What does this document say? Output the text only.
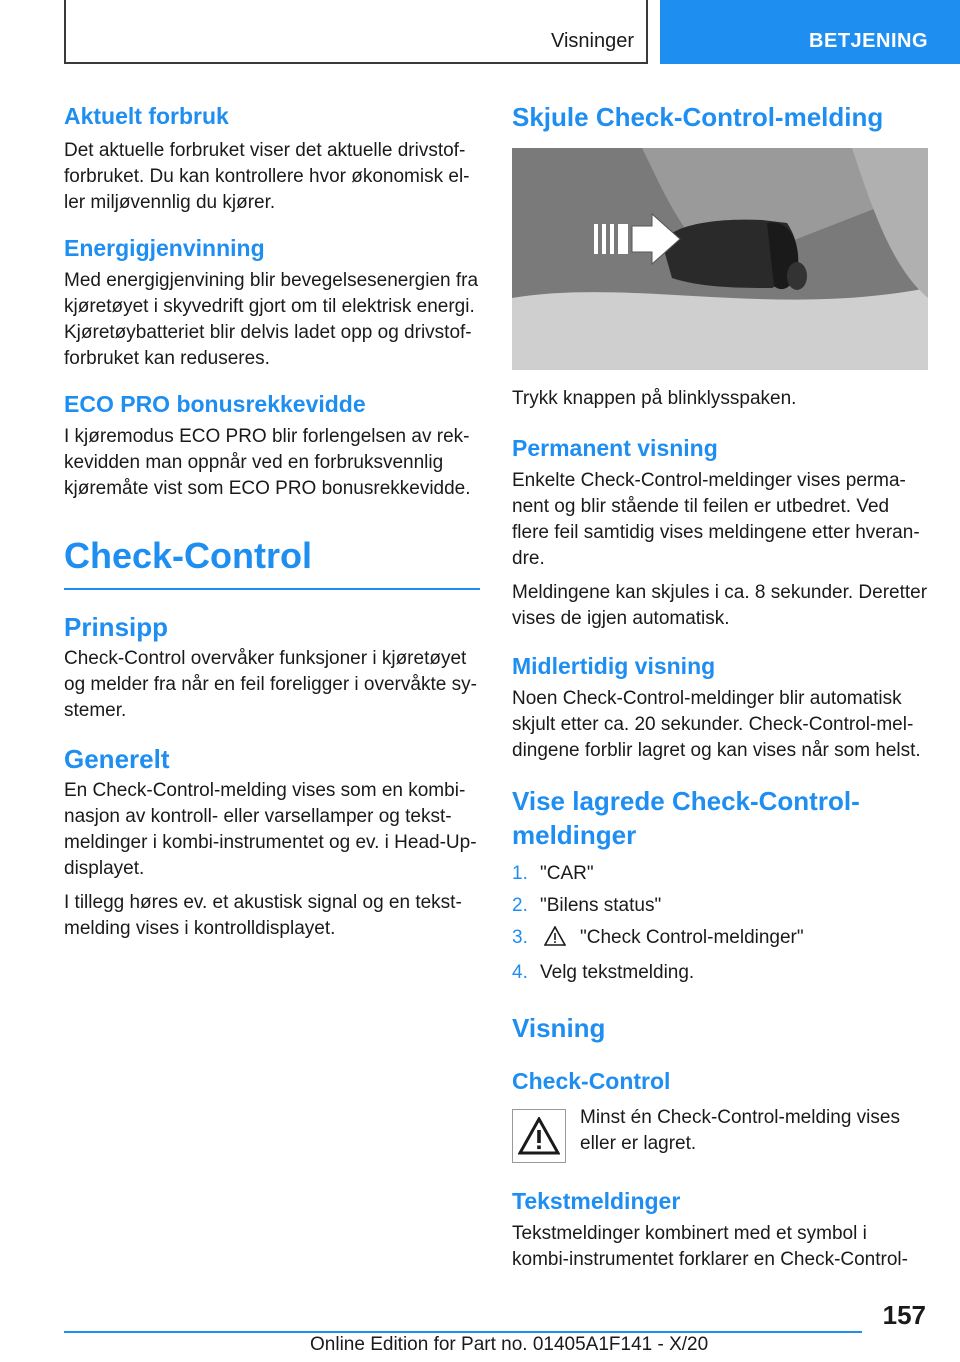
Visninger	BETJENING
Aktuelt forbruk

Det aktuelle forbruket viser det aktuelle drivstofforbruket. Du kan kontrollere hvor økonomisk eller miljøvennlig du kjører.

Energigjenvinning

Med energigjenvining blir bevegelsesenergien fra kjøretøyet i skyvedrift gjort om til elektrisk energi. Kjøretøybatteriet blir delvis ladet opp og drivstofforbruket kan reduseres.

ECO PRO bonusrekkevidde

I kjøremodus ECO PRO blir forlengelsen av rekkevidden man oppnår ved en forbruksvennlig kjøremåte vist som ECO PRO bonusrekkevidde.

Check-Control
Prinsipp

Check-Control overvåker funksjoner i kjøretøyet og melder fra når en feil foreligger i overvåkte systemer.

Generelt

En Check-Control-melding vises som en kombinasjon av kontroll- eller varsellamper og tekstmeldinger i kombi-instrumentet og ev. i Head-Up-displayet.

I tillegg høres ev. et akustisk signal og en tekstmelding vises i kontrolldisplayet.

Skjule Check-Control-melding

Trykk knappen på blinklysspaken.

Permanent visning

Enkelte Check-Control-meldinger vises permanent og blir stående til feilen er utbedret. Ved flere feil samtidig vises meldingene etter hverandre.

Meldingene kan skjules i ca. 8 sekunder. Deretter vises de igjen automatisk.

Midlertidig visning

Noen Check-Control-meldinger blir automatisk skjult etter ca. 20 sekunder. Check-Control-meldingene forblir lagret og kan vises når som helst.

Vise lagrede Check-Control-meldinger
1. "CAR"
2. "Bilens status"
3.	"Check Control-meldinger"
4. Velg tekstmelding.
Visning
Check-Control
Minst én Check-Control-melding vises eller er lagret.
Tekstmeldinger

Tekstmeldinger kombinert med et symbol i kombi-instrumentet forklarer en Check-Control-

157
Online Edition for Part no. 01405A1F141 - X/20
